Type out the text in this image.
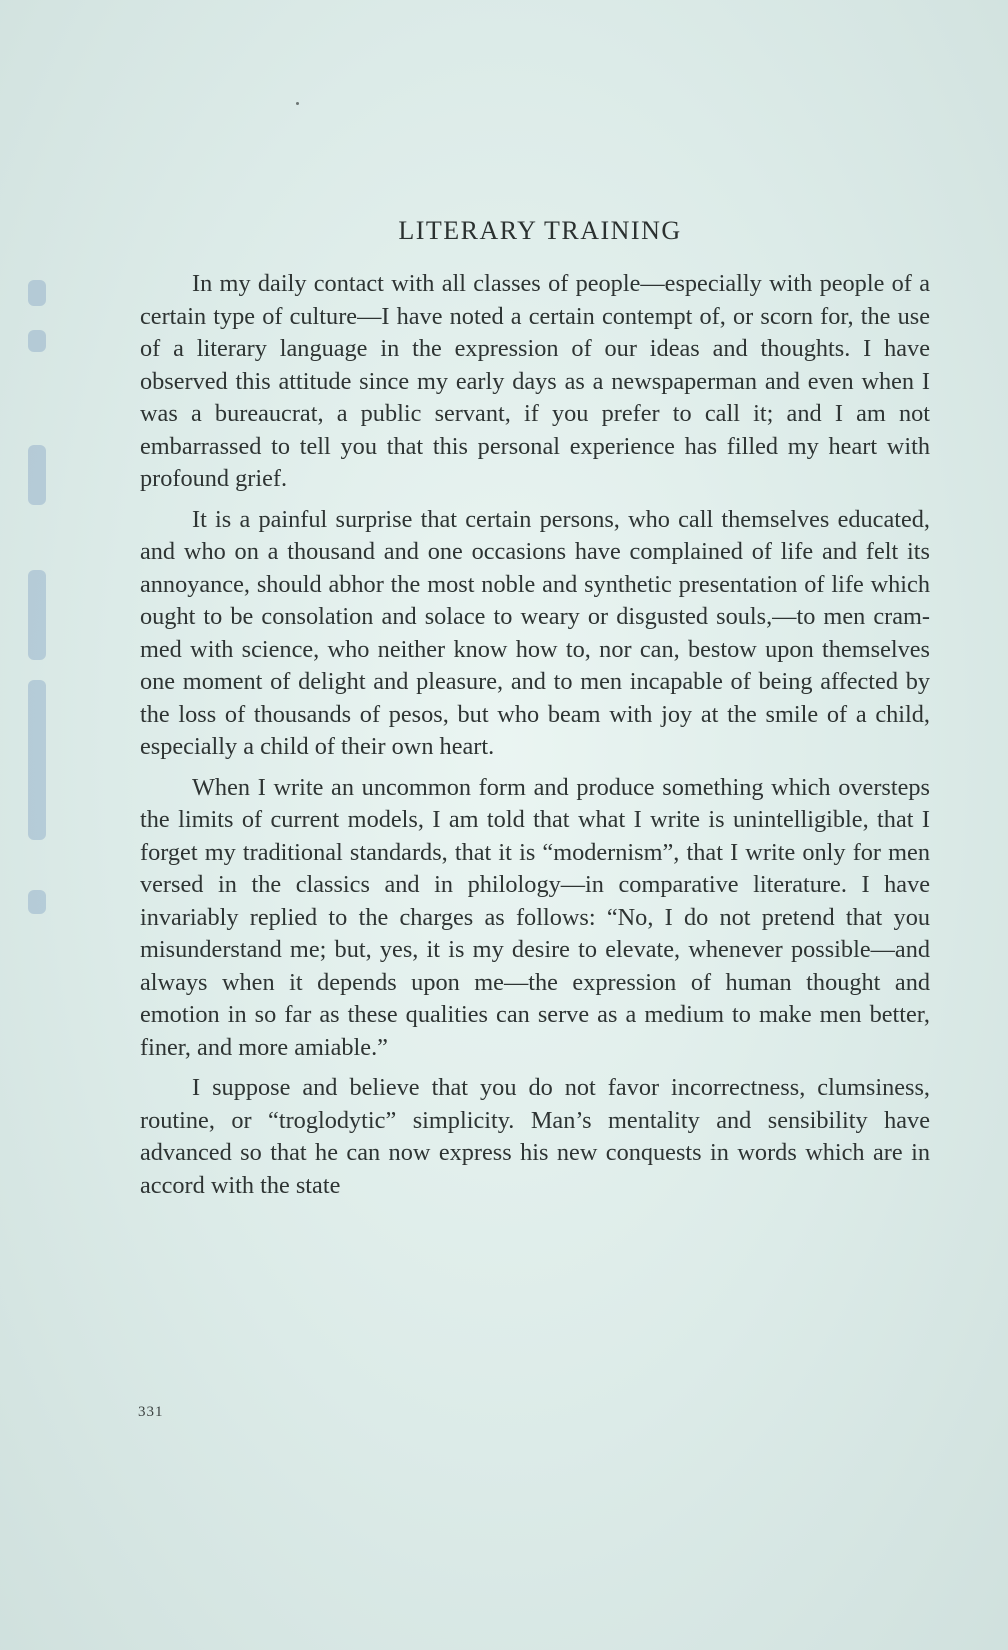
LITERARY TRAINING

In my daily contact with all classes of people—especially with people of a certain type of culture—I have noted a certain contempt of, or scorn for, the use of a literary language in the expression of our ideas and thoughts. I have observed this attitude since my early days as a newspaperman and even when I was a bureaucrat, a public servant, if you prefer to call it; and I am not embarrassed to tell you that this personal experience has filled my heart with profound grief.

It is a painful surprise that certain persons, who call themselves educated, and who on a thousand and one occasions have complained of life and felt its annoyance, should abhor the most noble and synthetic presentation of life which ought to be consolation and solace to weary or disgusted souls,—to men crammed with science, who neither know how to, nor can, bestow upon themselves one moment of delight and pleasure, and to men incapable of being affected by the loss of thousands of pesos, but who beam with joy at the smile of a child, especially a child of their own heart.

When I write an uncommon form and produce something which oversteps the limits of current models, I am told that what I write is unintelligible, that I forget my traditional standards, that it is “modernism”, that I write only for men versed in the classics and in philology—in comparative literature. I have invariably replied to the charges as follows: “No, I do not pretend that you misunderstand me; but, yes, it is my desire to elevate, whenever possible—and always when it depends upon me—the expression of human thought and emotion in so far as these qualities can serve as a medium to make men better, finer, and more amiable.”

I suppose and believe that you do not favor incorrectness, clumsiness, routine, or “troglodytic” simplicity. Man’s mentality and sensibility have advanced so that he can now express his new conquests in words which are in accord with the state

331
